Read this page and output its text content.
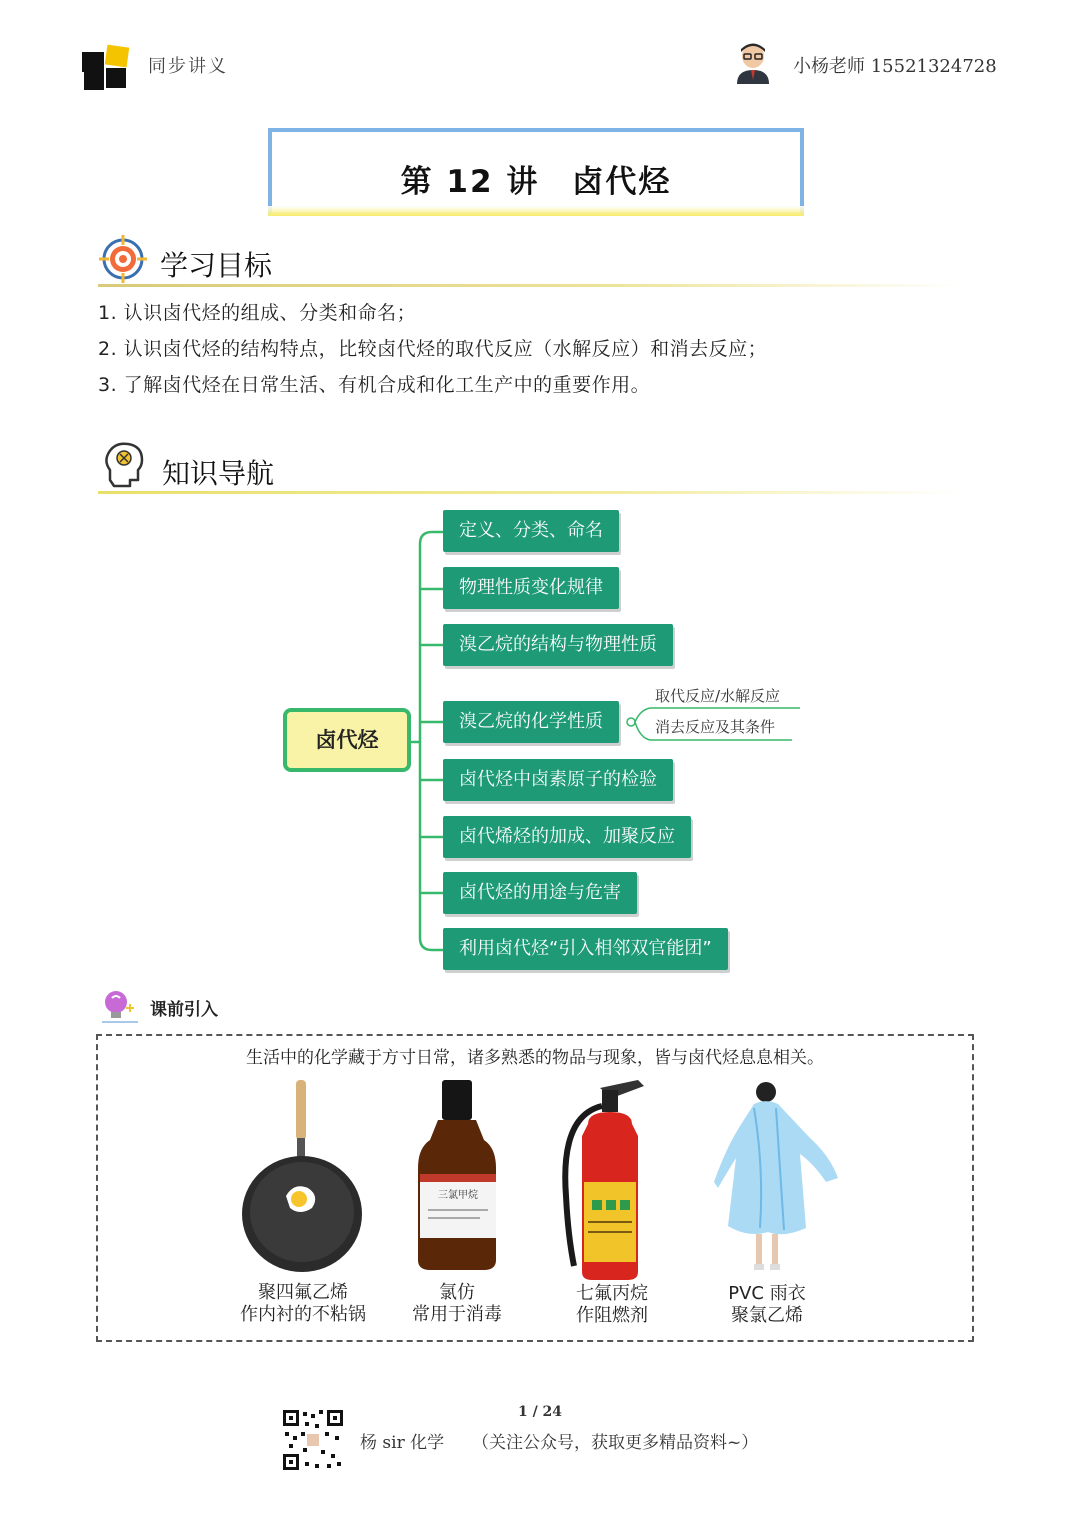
同步讲义	小杨老师 15521324728
第 12 讲　卤代烃
学习目标
1. 认识卤代烃的组成、分类和命名；
2. 认识卤代烃的结构特点，比较卤代烃的取代反应（水解反应）和消去反应；
3. 了解卤代烃在日常生活、有机合成和化工生产中的重要作用。
知识导航
卤代烃
定义、分类、命名
物理性质变化规律
溴乙烷的结构与物理性质
溴乙烷的化学性质
卤代烃中卤素原子的检验
卤代烯烃的加成、加聚反应
卤代烃的用途与危害
利用卤代烃“引入相邻双官能团”
取代反应/水解反应
消去反应及其条件
课前引入
生活中的化学藏于方寸日常，诸多熟悉的物品与现象，皆与卤代烃息息相关。
三氯甲烷
聚四氟乙烯
作内衬的不粘锅
氯仿
常用于消毒
七氟丙烷
作阻燃剂
PVC 雨衣
聚氯乙烯
1 / 24
杨 sir 化学 （关注公众号，获取更多精品资料~）
